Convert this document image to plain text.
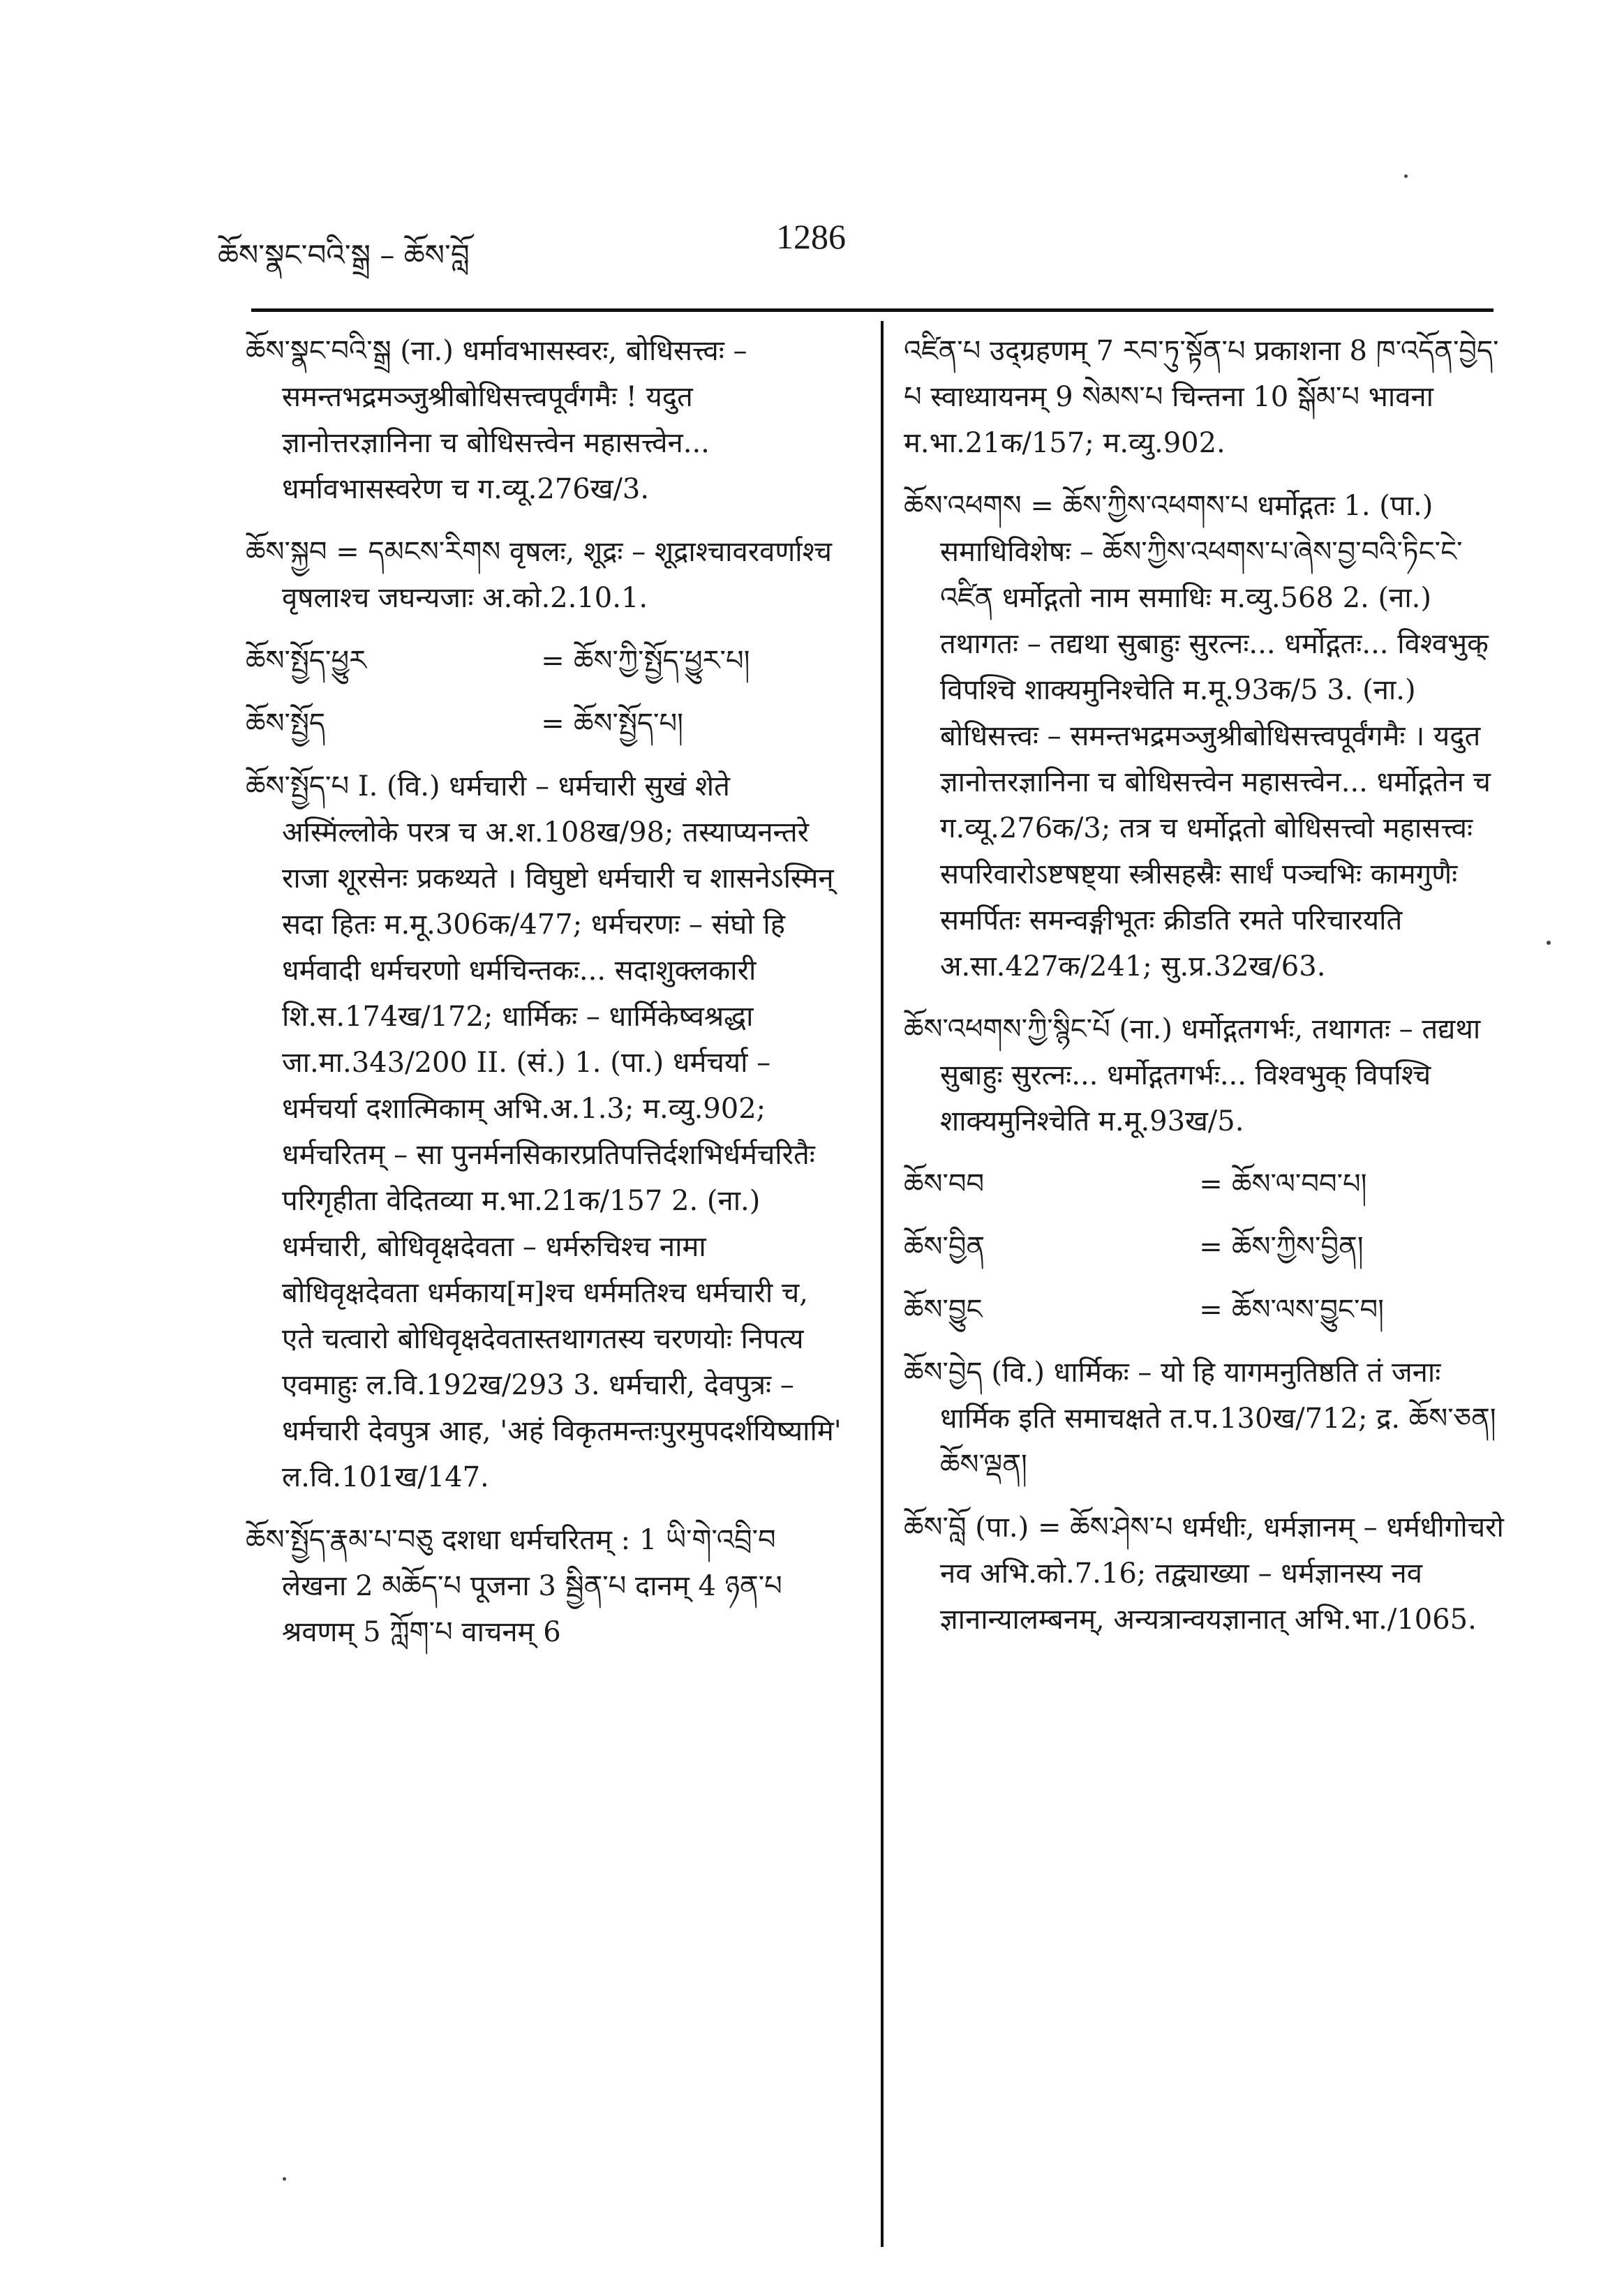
ཆོས་སྣང་བའི་སྒྲ – ཆོས་བློ	1286

ཆོས་སྣང་བའི་སྒྲ (ना.) धर्मावभासस्वरः, बोधिसत्त्वः – समन्तभद्रमञ्जुश्रीबोधिसत्त्वपूर्वंगमैः ! यदुत ज्ञानोत्तरज्ञानिना च बोधिसत्त्वेन महासत्त्वेन... धर्मावभासस्वरेण च ग.व्यू.276ख/3.

ཆོས་སྐྱབ = དམངས་རིགས वृषलः, शूद्रः – शूद्राश्चावरवर्णाश्च वृषलाश्च जघन्यजाः अ.को.2.10.1.

ཆོས་སྤྱོད་ཕྱུར	= ཆོས་ཀྱི་སྤྱོད་ཕྱུར་པ།
ཆོས་སྤྱོད	= ཆོས་སྤྱོད་པ།

ཆོས་སྤྱོད་པ I. (वि.) धर्मचारी – धर्मचारी सुखं शेते अस्मिंल्लोके परत्र च अ.श.108ख/98; तस्याप्यनन्तरे राजा शूरसेनः प्रकथ्यते । विघुष्टो धर्मचारी च शासनेऽस्मिन् सदा हितः म.मू.306क/477; धर्मचरणः – संघो हि धर्मवादी धर्मचरणो धर्मचिन्तकः... सदाशुक्लकारी शि.स.174ख/172; धार्मिकः – धार्मिकेष्वश्रद्धा जा.मा.343/200 II. (सं.) 1. (पा.) धर्मचर्या – धर्मचर्या दशात्मिकाम् अभि.अ.1.3; म.व्यु.902; धर्मचरितम् – सा पुनर्मनसिकारप्रतिपत्तिर्दशभिर्धर्मचरितैः परिगृहीता वेदितव्या म.भा.21क/157 2. (ना.) धर्मचारी, बोधिवृक्षदेवता – धर्मरुचिश्च नामा बोधिवृक्षदेवता धर्मकाय[म]श्च धर्ममतिश्च धर्मचारी च, एते चत्वारो बोधिवृक्षदेवतास्तथागतस्य चरणयोः निपत्य एवमाहुः ल.वि.192ख/293 3. धर्मचारी, देवपुत्रः – धर्मचारी देवपुत्र आह, 'अहं विकृतमन्तःपुरमुपदर्शयिष्यामि' ल.वि.101ख/147.

ཆོས་སྤྱོད་རྣམ་པ་བཅུ दशधा धर्मचरितम् : 1 ཡི་གེ་འབྲི་བ लेखना 2 མཆོད་པ पूजना 3 སྦྱིན་པ दानम् 4 ཉན་པ श्रवणम् 5 ཀློག་པ वाचनम् 6

འཛིན་པ उद्ग्रहणम् 7 རབ་ཏུ་སྟོན་པ प्रकाशना 8 ཁ་འདོན་བྱེད་པ स्वाध्यायनम् 9 སེམས་པ चिन्तना 10 སྒོམ་པ भावना म.भा.21क/157; म.व्यु.902.

ཆོས་འཕགས = ཆོས་ཀྱིས་འཕགས་པ धर्मोद्गतः 1. (पा.) समाधिविशेषः – ཆོས་ཀྱིས་འཕགས་པ་ཞེས་བྱ་བའི་ཏིང་ངེ་འཛིན धर्मोद्गतो नाम समाधिः म.व्यु.568 2. (ना.) तथागतः – तद्यथा सुबाहुः सुरत्नः... धर्मोद्गतः... विश्वभुक् विपश्चि शाक्यमुनिश्चेति म.मू.93क/5 3. (ना.) बोधिसत्त्वः – समन्तभद्रमञ्जुश्रीबोधिसत्त्वपूर्वंगमैः । यदुत ज्ञानोत्तरज्ञानिना च बोधिसत्त्वेन महासत्त्वेन... धर्मोद्गतेन च ग.व्यू.276क/3; तत्र च धर्मोद्गतो बोधिसत्त्वो महासत्त्वः सपरिवारोऽष्टषष्ट्या स्त्रीसहस्रैः सार्धं पञ्चभिः कामगुणैः समर्पितः समन्वङ्गीभूतः क्रीडति रमते परिचारयति अ.सा.427क/241; सु.प्र.32ख/63.

ཆོས་འཕགས་ཀྱི་སྙིང་པོ (ना.) धर्मोद्गतगर्भः, तथागतः – तद्यथा सुबाहुः सुरत्नः... धर्मोद्गतगर्भः... विश्वभुक् विपश्चि शाक्यमुनिश्चेति म.मू.93ख/5.

ཆོས་བབ	= ཆོས་ལ་བབ་པ།
ཆོས་བྱིན	= ཆོས་ཀྱིས་བྱིན།
ཆོས་བྱུང	= ཆོས་ལས་བྱུང་བ།

ཆོས་བྱེད (वि.) धार्मिकः – यो हि यागमनुतिष्ठति तं जनाः धार्मिक इति समाचक्षते त.प.130ख/712; द्र. ཆོས་ཅན། ཆོས་ལྡན།

ཆོས་བློ (पा.) = ཆོས་ཤེས་པ धर्मधीः, धर्मज्ञानम् – धर्मधीगोचरो नव अभि.को.7.16; तद्व्याख्या – धर्मज्ञानस्य नव ज्ञानान्यालम्बनम्, अन्यत्रान्वयज्ञानात् अभि.भा./1065.
